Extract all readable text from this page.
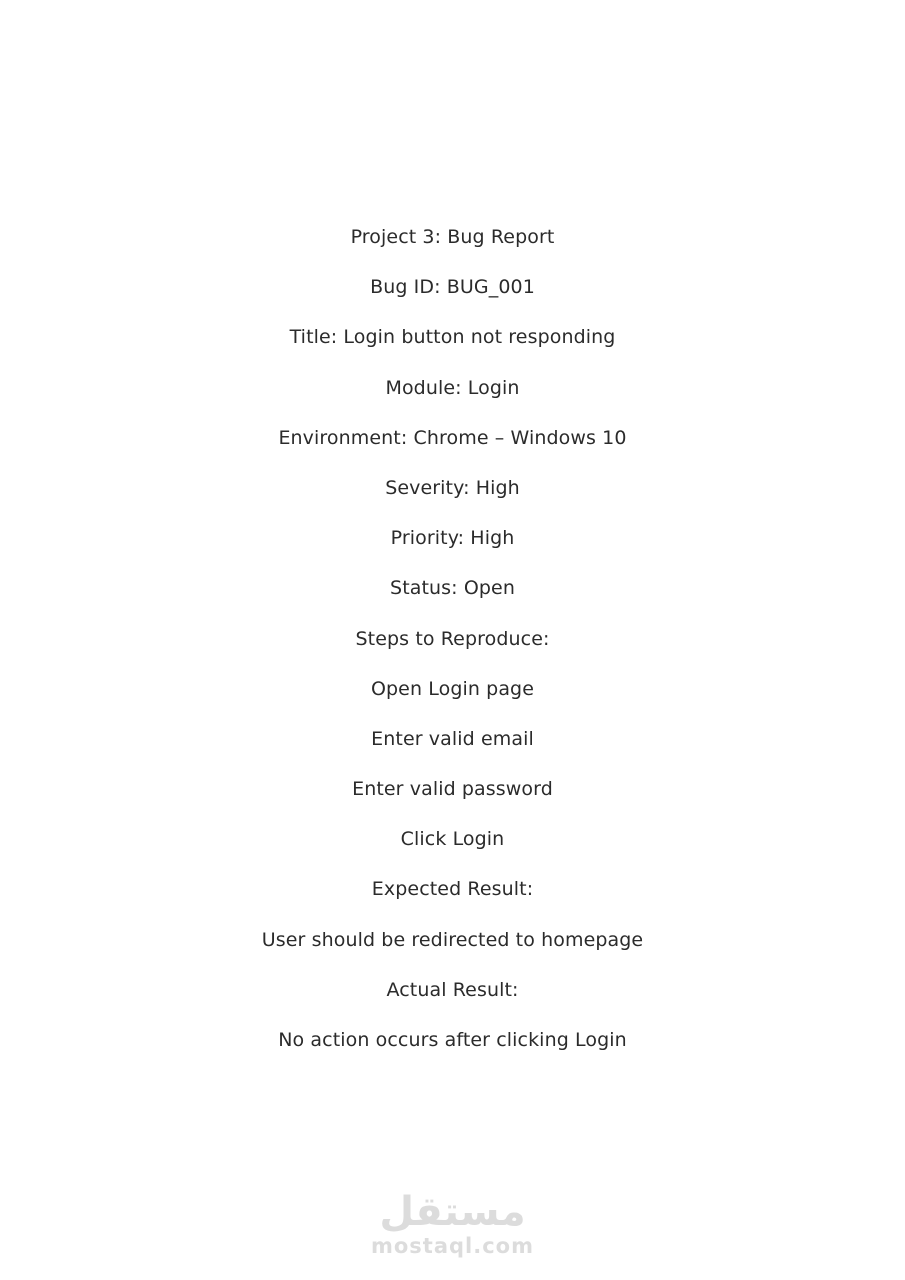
Project 3: Bug Report

Bug ID: BUG_001

Title: Login button not responding

Module: Login

Environment: Chrome – Windows 10

Severity: High

Priority: High

Status: Open

Steps to Reproduce:

Open Login page

Enter valid email

Enter valid password

Click Login

Expected Result:

User should be redirected to homepage

Actual Result:

No action occurs after clicking Login

مستقل
mostaql.com
